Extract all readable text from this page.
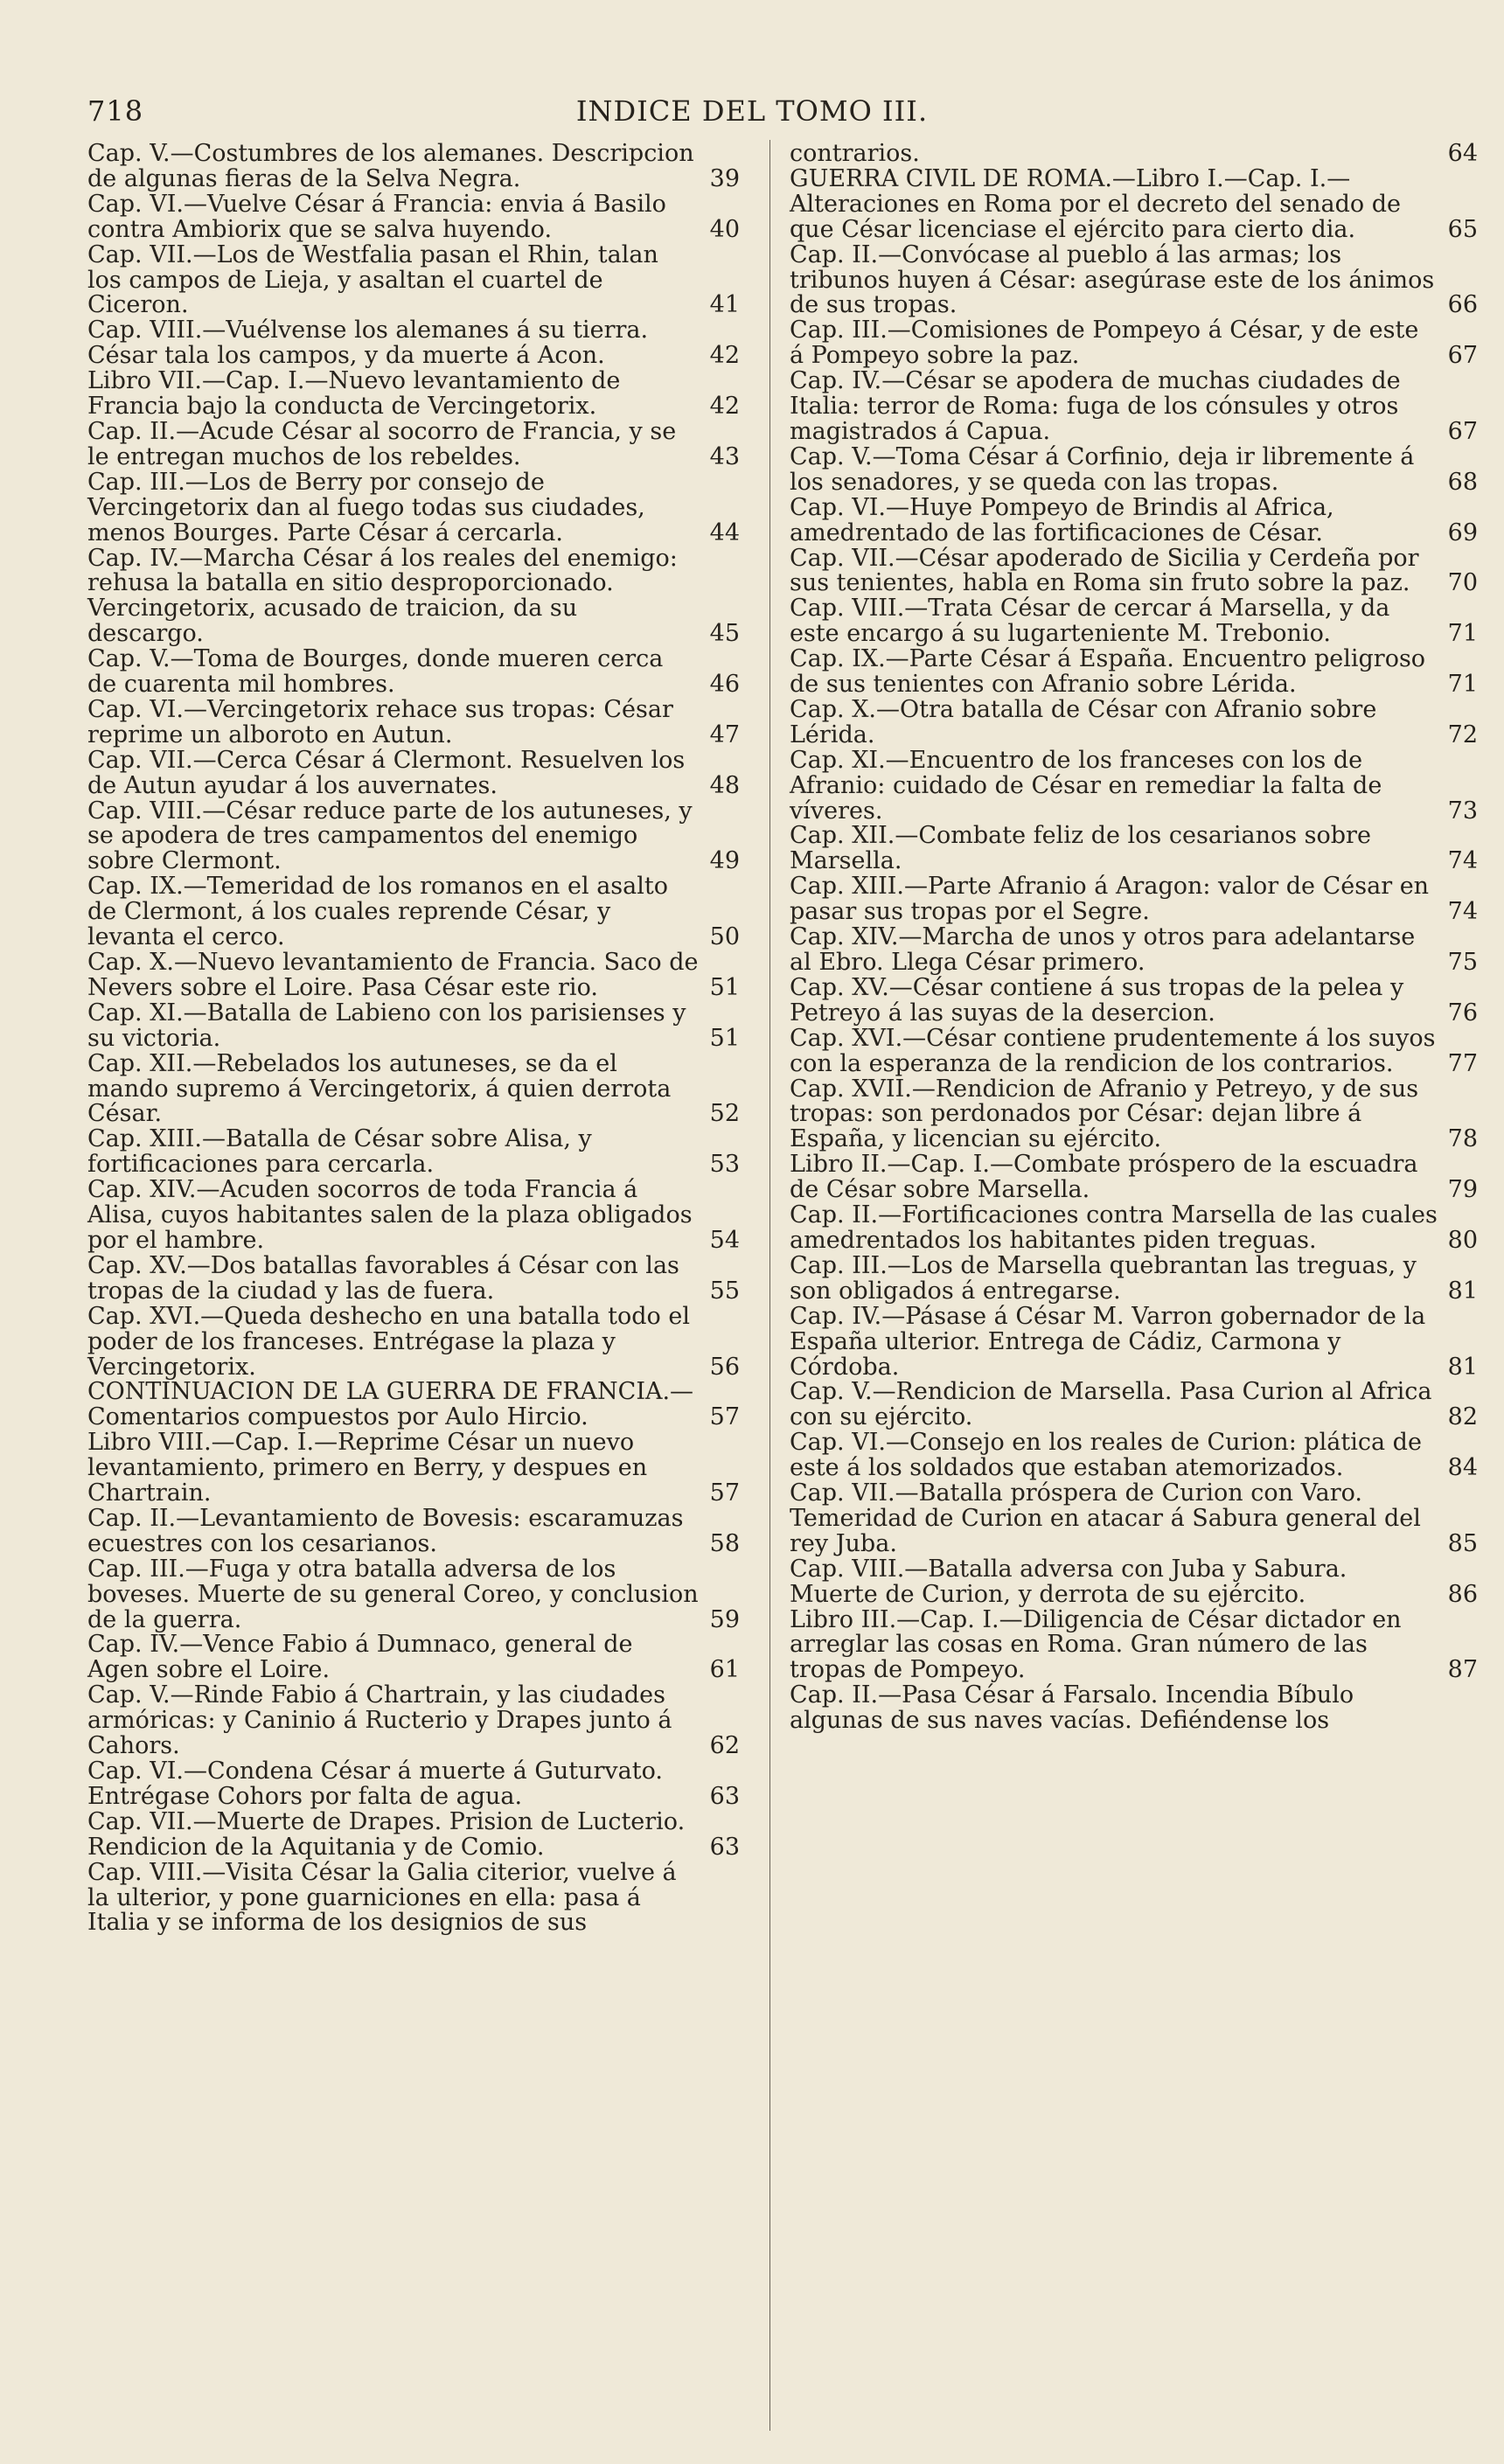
718	INDICE DEL TOMO III.
Cap. V.—Costumbres de los alemanes. Descripcion de algunas fieras de la Selva Negra.	39
Cap. VI.—Vuelve César á Francia: envia á Basilo contra Ambiorix que se salva huyendo.	40
Cap. VII.—Los de Westfalia pasan el Rhin, talan los campos de Lieja, y asaltan el cuartel de Ciceron.	41
Cap. VIII.—Vuélvense los alemanes á su tierra. César tala los campos, y da muerte á Acon.	42
Libro VII.—Cap. I.—Nuevo levantamiento de Francia bajo la conducta de Vercingetorix.	42
Cap. II.—Acude César al socorro de Francia, y se le entregan muchos de los rebeldes.	43
Cap. III.—Los de Berry por consejo de Vercingetorix dan al fuego todas sus ciudades, menos Bourges. Parte César á cercarla.	44
Cap. IV.—Marcha César á los reales del enemigo: rehusa la batalla en sitio desproporcionado. Vercingetorix, acusado de traicion, da su descargo.	45
Cap. V.—Toma de Bourges, donde mueren cerca de cuarenta mil hombres.	46
Cap. VI.—Vercingetorix rehace sus tropas: César reprime un alboroto en Autun.	47
Cap. VII.—Cerca César á Clermont. Resuelven los de Autun ayudar á los auvernates.	48
Cap. VIII.—César reduce parte de los autuneses, y se apodera de tres campamentos del enemigo sobre Clermont.	49
Cap. IX.—Temeridad de los romanos en el asalto de Clermont, á los cuales reprende César, y levanta el cerco.	50
Cap. X.—Nuevo levantamiento de Francia. Saco de Nevers sobre el Loire. Pasa César este rio.	51
Cap. XI.—Batalla de Labieno con los parisienses y su victoria.	51
Cap. XII.—Rebelados los autuneses, se da el mando supremo á Vercingetorix, á quien derrota César.	52
Cap. XIII.—Batalla de César sobre Alisa, y fortificaciones para cercarla.	53
Cap. XIV.—Acuden socorros de toda Francia á Alisa, cuyos habitantes salen de la plaza obligados por el hambre.	54
Cap. XV.—Dos batallas favorables á César con las tropas de la ciudad y las de fuera.	55
Cap. XVI.—Queda deshecho en una batalla todo el poder de los franceses. Entrégase la plaza y Vercingetorix.	56
CONTINUACION DE LA GUERRA DE FRANCIA.—Comentarios compuestos por Aulo Hircio.	57
Libro VIII.—Cap. I.—Reprime César un nuevo levantamiento, primero en Berry, y despues en Chartrain.	57
Cap. II.—Levantamiento de Bovesis: escaramuzas ecuestres con los cesarianos.	58
Cap. III.—Fuga y otra batalla adversa de los boveses. Muerte de su general Coreo, y conclusion de la guerra.	59
Cap. IV.—Vence Fabio á Dumnaco, general de Agen sobre el Loire.	61
Cap. V.—Rinde Fabio á Chartrain, y las ciudades armóricas: y Caninio á Ructerio y Drapes junto á Cahors.	62
Cap. VI.—Condena César á muerte á Guturvato. Entrégase Cohors por falta de agua.	63
Cap. VII.—Muerte de Drapes. Prision de Lucterio. Rendicion de la Aquitania y de Comio.	63
Cap. VIII.—Visita César la Galia citerior, vuelve á la ulterior, y pone guarniciones en ella: pasa á Italia y se informa de los designios de sus
contrarios.	64
GUERRA CIVIL DE ROMA.—Libro I.—Cap. I.—Alteraciones en Roma por el decreto del senado de que César licenciase el ejército para cierto dia.	65
Cap. II.—Convócase al pueblo á las armas; los tribunos huyen á César: asegúrase este de los ánimos de sus tropas.	66
Cap. III.—Comisiones de Pompeyo á César, y de este á Pompeyo sobre la paz.	67
Cap. IV.—César se apodera de muchas ciudades de Italia: terror de Roma: fuga de los cónsules y otros magistrados á Capua.	67
Cap. V.—Toma César á Corfinio, deja ir libremente á los senadores, y se queda con las tropas.	68
Cap. VI.—Huye Pompeyo de Brindis al Africa, amedrentado de las fortificaciones de César.	69
Cap. VII.—César apoderado de Sicilia y Cerdeña por sus tenientes, habla en Roma sin fruto sobre la paz.	70
Cap. VIII.—Trata César de cercar á Marsella, y da este encargo á su lugarteniente M. Trebonio.	71
Cap. IX.—Parte César á España. Encuentro peligroso de sus tenientes con Afranio sobre Lérida.	71
Cap. X.—Otra batalla de César con Afranio sobre Lérida.	72
Cap. XI.—Encuentro de los franceses con los de Afranio: cuidado de César en remediar la falta de víveres.	73
Cap. XII.—Combate feliz de los cesarianos sobre Marsella.	74
Cap. XIII.—Parte Afranio á Aragon: valor de César en pasar sus tropas por el Segre.	74
Cap. XIV.—Marcha de unos y otros para adelantarse al Ebro. Llega César primero.	75
Cap. XV.—César contiene á sus tropas de la pelea y Petreyo á las suyas de la desercion.	76
Cap. XVI.—César contiene prudentemente á los suyos con la esperanza de la rendicion de los contrarios.	77
Cap. XVII.—Rendicion de Afranio y Petreyo, y de sus tropas: son perdonados por César: dejan libre á España, y licencian su ejército.	78
Libro II.—Cap. I.—Combate próspero de la escuadra de César sobre Marsella.	79
Cap. II.—Fortificaciones contra Marsella de las cuales amedrentados los habitantes piden treguas.	80
Cap. III.—Los de Marsella quebrantan las treguas, y son obligados á entregarse.	81
Cap. IV.—Pásase á César M. Varron gobernador de la España ulterior. Entrega de Cádiz, Carmona y Córdoba.	81
Cap. V.—Rendicion de Marsella. Pasa Curion al Africa con su ejército.	82
Cap. VI.—Consejo en los reales de Curion: plática de este á los soldados que estaban atemorizados.	84
Cap. VII.—Batalla próspera de Curion con Varo. Temeridad de Curion en atacar á Sabura general del rey Juba.	85
Cap. VIII.—Batalla adversa con Juba y Sabura. Muerte de Curion, y derrota de su ejército.	86
Libro III.—Cap. I.—Diligencia de César dictador en arreglar las cosas en Roma. Gran número de las tropas de Pompeyo.	87
Cap. II.—Pasa César á Farsalo. Incendia Bíbulo algunas de sus naves vacías. Defiéndense los
